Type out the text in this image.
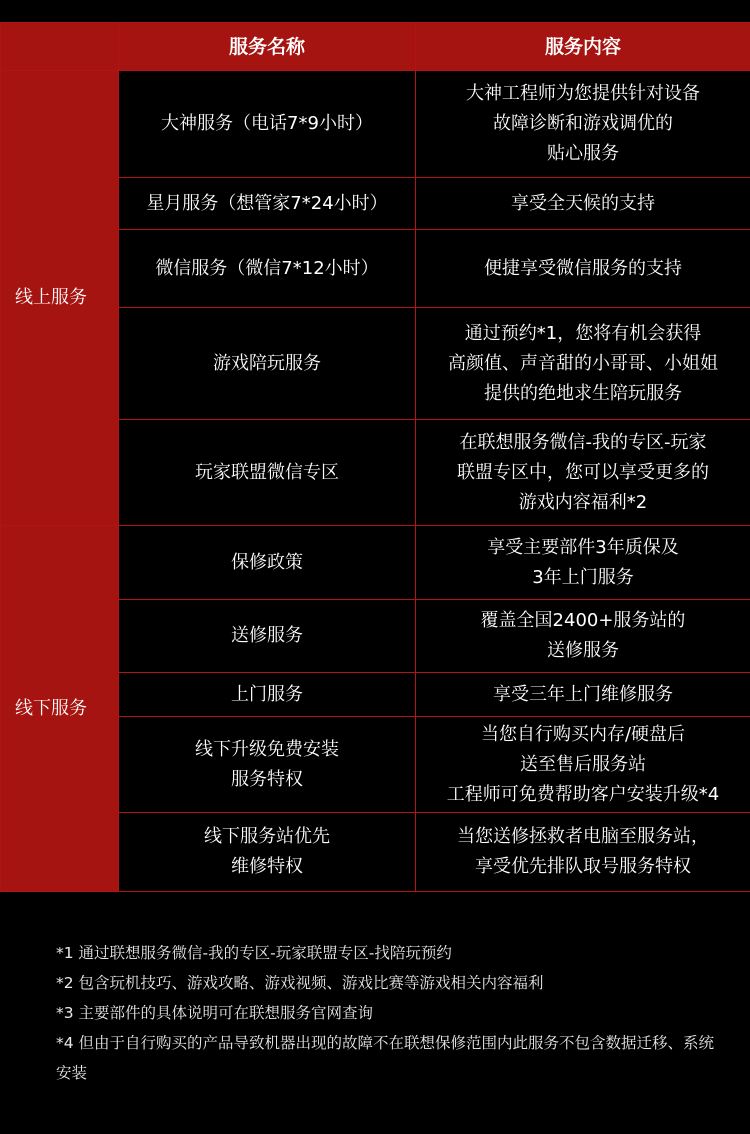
	服务名称	服务内容
线上服务	大神服务（电话7*9小时）	大神工程师为您提供针对设备
故障诊断和游戏调优的
贴心服务
	星月服务（想管家7*24小时）	享受全天候的支持
	微信服务（微信7*12小时）	便捷享受微信服务的支持
	游戏陪玩服务	通过预约*1，您将有机会获得
高颜值、声音甜的小哥哥、小姐姐
提供的绝地求生陪玩服务
	玩家联盟微信专区	在联想服务微信-我的专区-玩家
联盟专区中，您可以享受更多的
游戏内容福利*2
线下服务	保修政策	享受主要部件3年质保及
3年上门服务
	送修服务	覆盖全国2400+服务站的
送修服务
	上门服务	享受三年上门维修服务
	线下升级免费安装
服务特权	当您自行购买内存/硬盘后
送至售后服务站
工程师可免费帮助客户安装升级*4
	线下服务站优先
维修特权	当您送修拯救者电脑至服务站，
享受优先排队取号服务特权

*1 通过联想服务微信-我的专区-玩家联盟专区-找陪玩预约

*2 包含玩机技巧、游戏攻略、游戏视频、游戏比赛等游戏相关内容福利

*3 主要部件的具体说明可在联想服务官网查询

*4 但由于自行购买的产品导致机器出现的故障不在联想保修范围内此服务不包含数据迁移、系统安装
